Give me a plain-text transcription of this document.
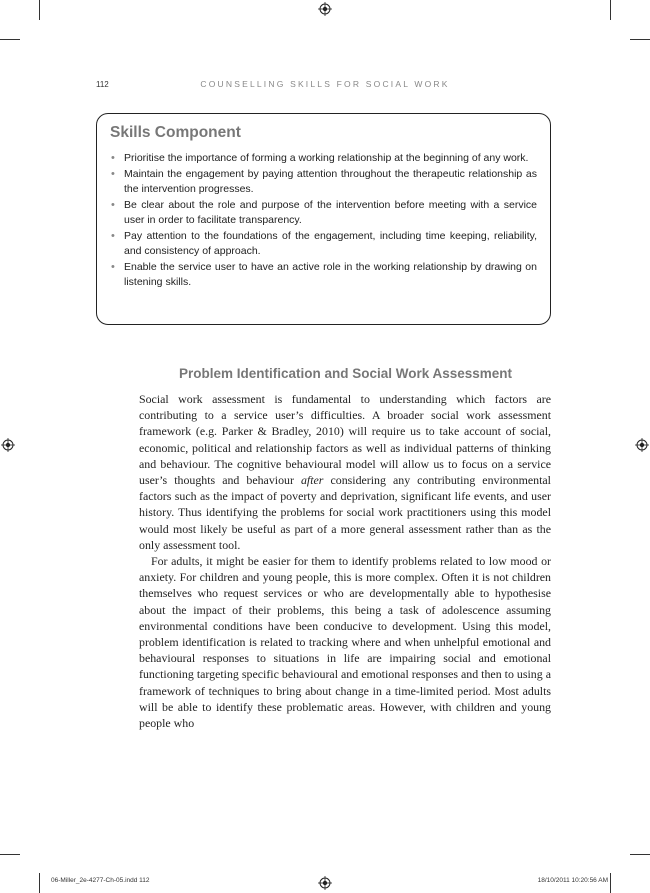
112	COUNSELLING SKILLS FOR SOCIAL WORK
Skills Component
• Prioritise the importance of forming a working relationship at the beginning of any work.
• Maintain the engagement by paying attention throughout the therapeutic relationship as the intervention progresses.
• Be clear about the role and purpose of the intervention before meeting with a service user in order to facilitate transparency.
• Pay attention to the foundations of the engagement, including time keeping, reliability, and consistency of approach.
• Enable the service user to have an active role in the working relationship by drawing on listening skills.
Problem Identification and Social Work Assessment

Social work assessment is fundamental to understanding which factors are contributing to a service user’s difficulties. A broader social work assessment framework (e.g. Parker & Bradley, 2010) will require us to take account of social, economic, political and relationship factors as well as individual patterns of thinking and behaviour. The cognitive behavioural model will allow us to focus on a service user’s thoughts and behaviour after considering any contributing environmental factors such as the impact of poverty and deprivation, significant life events, and user history. Thus identifying the problems for social work practitioners using this model would most likely be useful as part of a more general assessment rather than as the only assessment tool.

For adults, it might be easier for them to identify problems related to low mood or anxiety. For children and young people, this is more complex. Often it is not children themselves who request services or who are developmentally able to hypothesise about the impact of their problems, this being a task of adolescence assuming environmental conditions have been conducive to development. Using this model, problem identification is related to tracking where and when unhelpful emotional and behavioural responses to situations in life are impairing social and emotional functioning targeting specific behavioural and emotional responses and then to using a framework of techniques to bring about change in a time-limited period. Most adults will be able to identify these problematic areas. However, with children and young people who

06-Miller_2e-4277-Ch-05.indd 112	18/10/2011 10:20:56 AM
